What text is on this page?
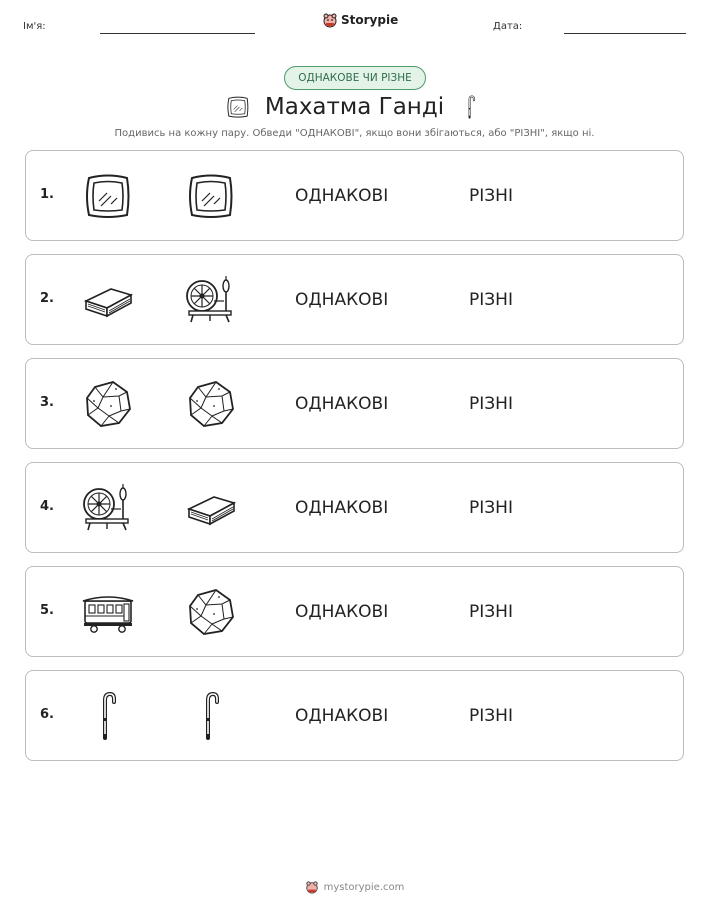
Ім'я:	Storypie	Дата:
ОДНАКОВЕ ЧИ РІЗНЕ
Махатма Ганді
Подивись на кожну пару. Обведи "ОДНАКОВІ", якщо вони збігаються, або "РІЗНІ", якщо ні.
1.	ОДНАКОВІ	РІЗНІ
2.	ОДНАКОВІ	РІЗНІ
3.	ОДНАКОВІ	РІЗНІ
4.	ОДНАКОВІ	РІЗНІ
5.	ОДНАКОВІ	РІЗНІ
6.	ОДНАКОВІ	РІЗНІ
mystorypie.com
